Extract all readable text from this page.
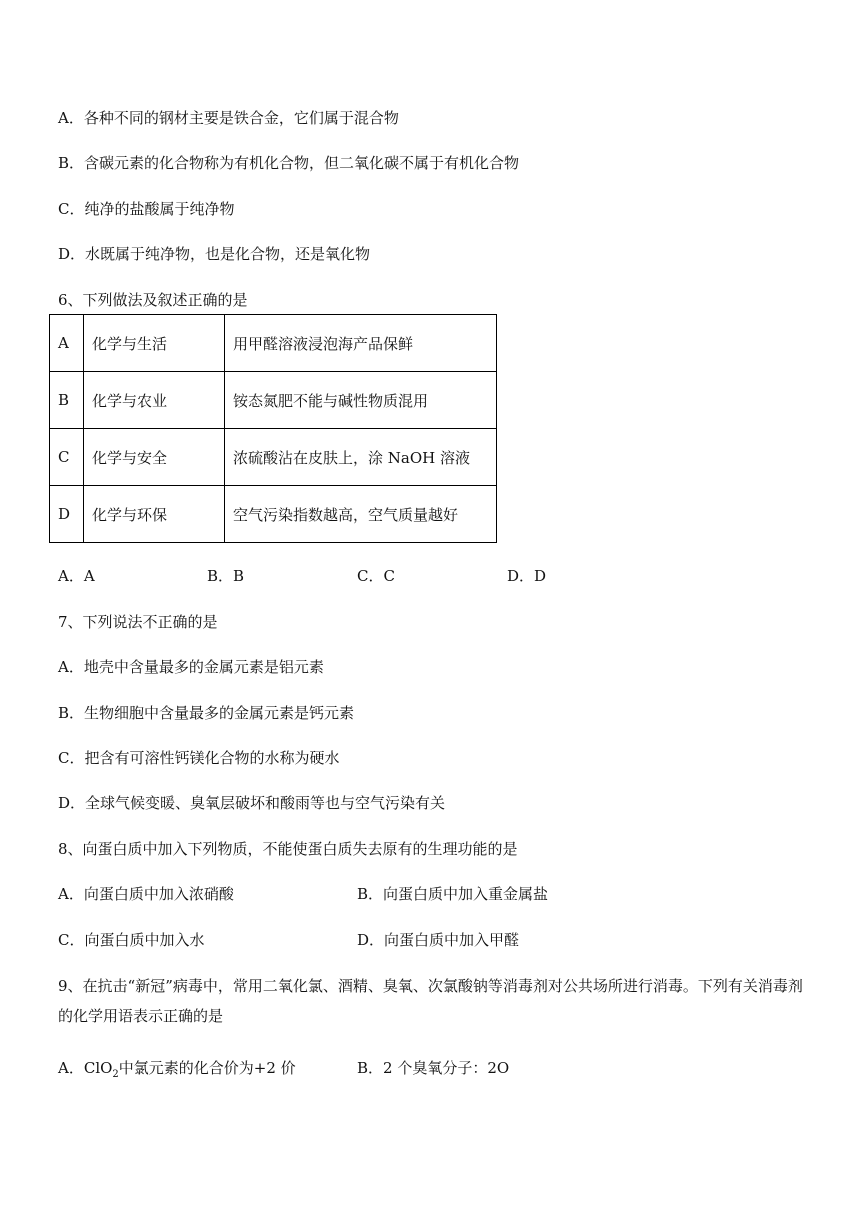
A．各种不同的钢材主要是铁合金，它们属于混合物
B．含碳元素的化合物称为有机化合物，但二氧化碳不属于有机化合物
C．纯净的盐酸属于纯净物
D．水既属于纯净物，也是化合物，还是氧化物
6、下列做法及叙述正确的是
A	化学与生活	用甲醛溶液浸泡海产品保鲜
B	化学与农业	铵态氮肥不能与碱性物质混用
C	化学与安全	浓硫酸沾在皮肤上，涂 NaOH 溶液
D	化学与环保	空气污染指数越高，空气质量越好
A．A	B．B	C．C	D．D
7、下列说法不正确的是
A．地壳中含量最多的金属元素是铝元素
B．生物细胞中含量最多的金属元素是钙元素
C．把含有可溶性钙镁化合物的水称为硬水
D．全球气候变暖、臭氧层破坏和酸雨等也与空气污染有关
8、向蛋白质中加入下列物质，不能使蛋白质失去原有的生理功能的是
A．向蛋白质中加入浓硝酸	B．向蛋白质中加入重金属盐
C．向蛋白质中加入水	D．向蛋白质中加入甲醛
9、在抗击“新冠”病毒中，常用二氧化氯、酒精、臭氧、次氯酸钠等消毒剂对公共场所进行消毒。下列有关消毒剂的化学用语表示正确的是
A．ClO$_2$中氯元素的化合价为+2 价	B．2 个臭氧分子：2O
